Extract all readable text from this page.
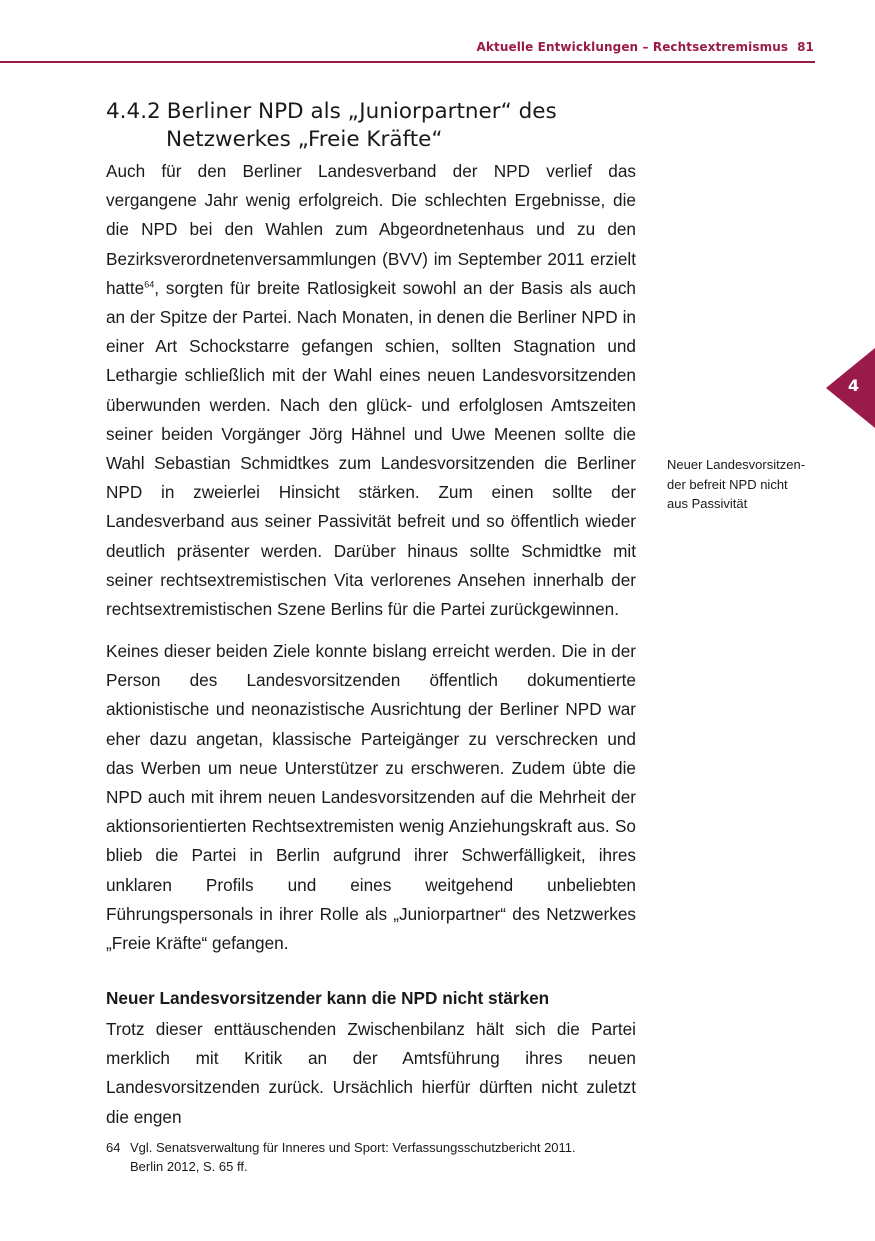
Aktuelle Entwicklungen – Rechtsextremismus 81
4
4.4.2 Berliner NPD als „Juniorpartner“ des
Netzwerkes „Freie Kräfte“

Auch für den Berliner Landesverband der NPD verlief das vergangene Jahr wenig erfolgreich. Die schlechten Ergebnisse, die die NPD bei den Wahlen zum Abgeordnetenhaus und zu den Bezirksverordnetenversammlungen (BVV) im September 2011 erzielt hatte$^{64}$, sorgten für breite Ratlosigkeit sowohl an der Basis als auch an der Spitze der Partei. Nach Monaten, in denen die Berliner NPD in einer Art Schockstarre gefangen schien, sollten Stagnation und Lethargie schließlich mit der Wahl eines neuen Landesvorsitzenden überwunden werden. Nach den glück- und erfolglosen Amtszeiten seiner beiden Vorgänger Jörg Hähnel und Uwe Meenen sollte die Wahl Sebastian Schmidtkes zum Landesvorsitzenden die Berliner NPD in zweierlei Hinsicht stärken. Zum einen sollte der Landesverband aus seiner Passivität befreit und so öffentlich wieder deutlich präsenter werden. Darüber hinaus sollte Schmidtke mit seiner rechtsextremistischen Vita verlorenes Ansehen innerhalb der rechtsextremistischen Szene Berlins für die Partei zurückgewinnen.

Keines dieser beiden Ziele konnte bislang erreicht werden. Die in der Person des Landesvorsitzenden öffentlich dokumentierte aktionistische und neonazistische Ausrichtung der Berliner NPD war eher dazu angetan, klassische Parteigänger zu verschrecken und das Werben um neue Unterstützer zu erschweren. Zudem übte die NPD auch mit ihrem neuen Landesvorsitzenden auf die Mehrheit der aktionsorientierten Rechtsextremisten wenig Anziehungskraft aus. So blieb die Partei in Berlin aufgrund ihrer Schwerfälligkeit, ihres unklaren Profils und eines weitgehend unbeliebten Führungspersonals in ihrer Rolle als „Juniorpartner“ des Netzwerkes „Freie Kräfte“ gefangen.

Neuer Landesvorsitzender kann die NPD nicht stärken

Trotz dieser enttäuschenden Zwischenbilanz hält sich die Partei merklich mit Kritik an der Amtsführung ihres neuen Landesvorsitzenden zurück. Ursächlich hierfür dürften nicht zuletzt die engen

Neuer Landesvorsitzen-
der befreit NPD nicht
aus Passivität
64 Vgl. Senatsverwaltung für Inneres und Sport: Verfassungsschutzbericht 2011.
Berlin 2012, S. 65 ff.
